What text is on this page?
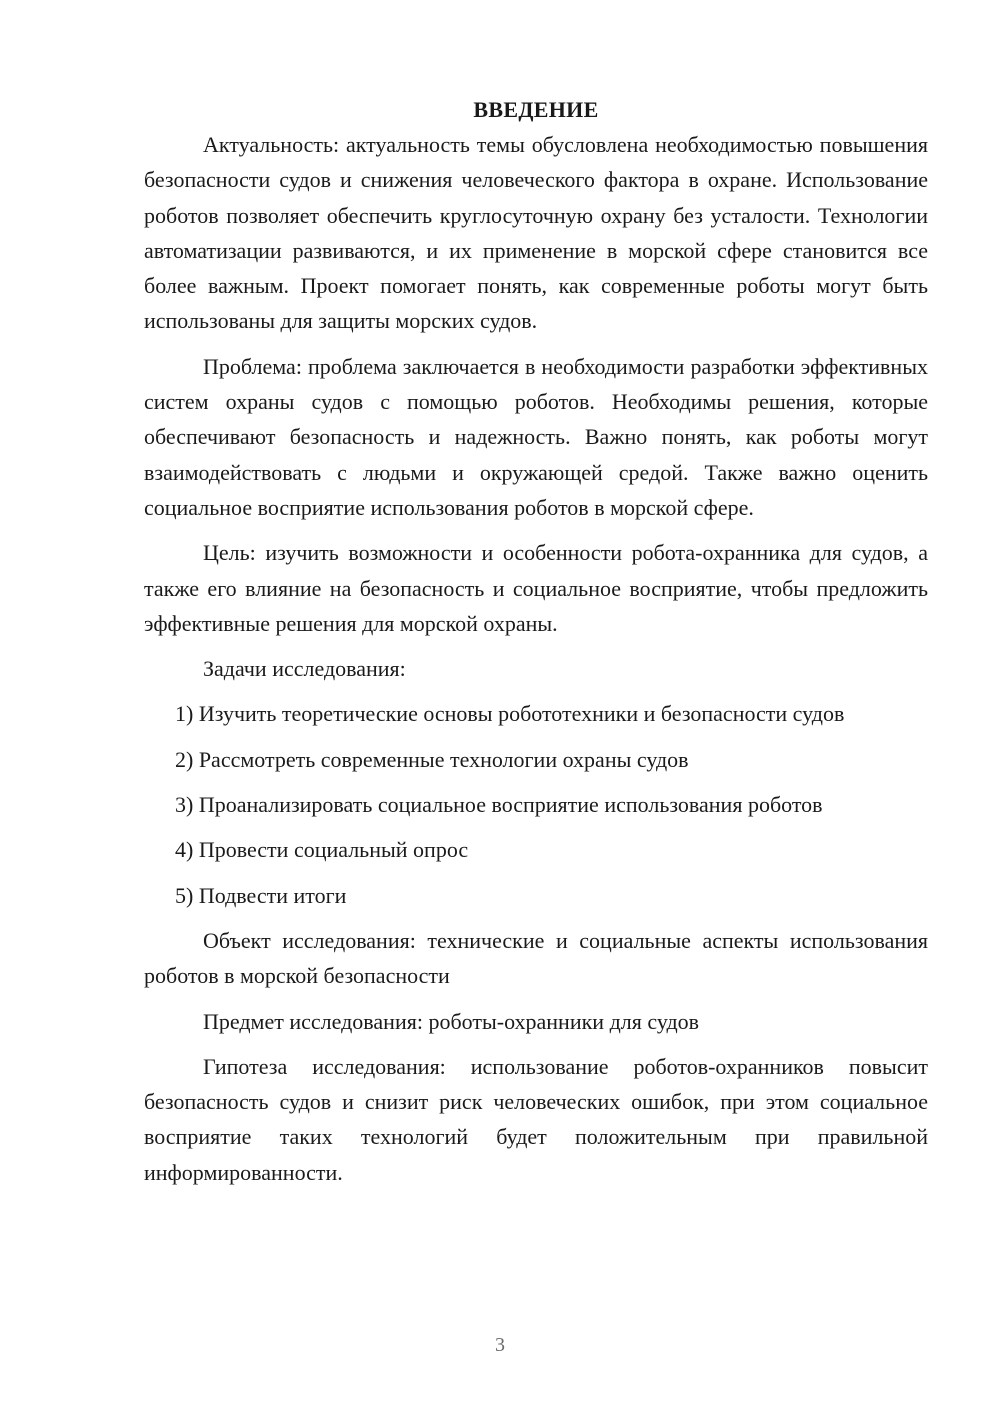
ВВЕДЕНИЕ

Актуальность: актуальность темы обусловлена необходимостью повышения безопасности судов и снижения человеческого фактора в охране. Использование роботов позволяет обеспечить круглосуточную охрану без усталости. Технологии автоматизации развиваются, и их применение в морской сфере становится все более важным. Проект помогает понять, как современные роботы могут быть использованы для защиты морских судов.

Проблема: проблема заключается в необходимости разработки эффективных систем охраны судов с помощью роботов. Необходимы решения, которые обеспечивают безопасность и надежность. Важно понять, как роботы могут взаимодействовать с людьми и окружающей средой. Также важно оценить социальное восприятие использования роботов в морской сфере.

Цель: изучить возможности и особенности робота-охранника для судов, а также его влияние на безопасность и социальное восприятие, чтобы предложить эффективные решения для морской охраны.

Задачи исследования:

1) Изучить теоретические основы робототехники и безопасности судов

2) Рассмотреть современные технологии охраны судов

3) Проанализировать социальное восприятие использования роботов

4) Провести социальный опрос

5) Подвести итоги

Объект исследования: технические и социальные аспекты использования роботов в морской безопасности

Предмет исследования: роботы-охранники для судов

Гипотеза исследования: использование роботов-охранников повысит безопасность судов и снизит риск человеческих ошибок, при этом социальное восприятие таких технологий будет положительным при правильной информированности.

3
